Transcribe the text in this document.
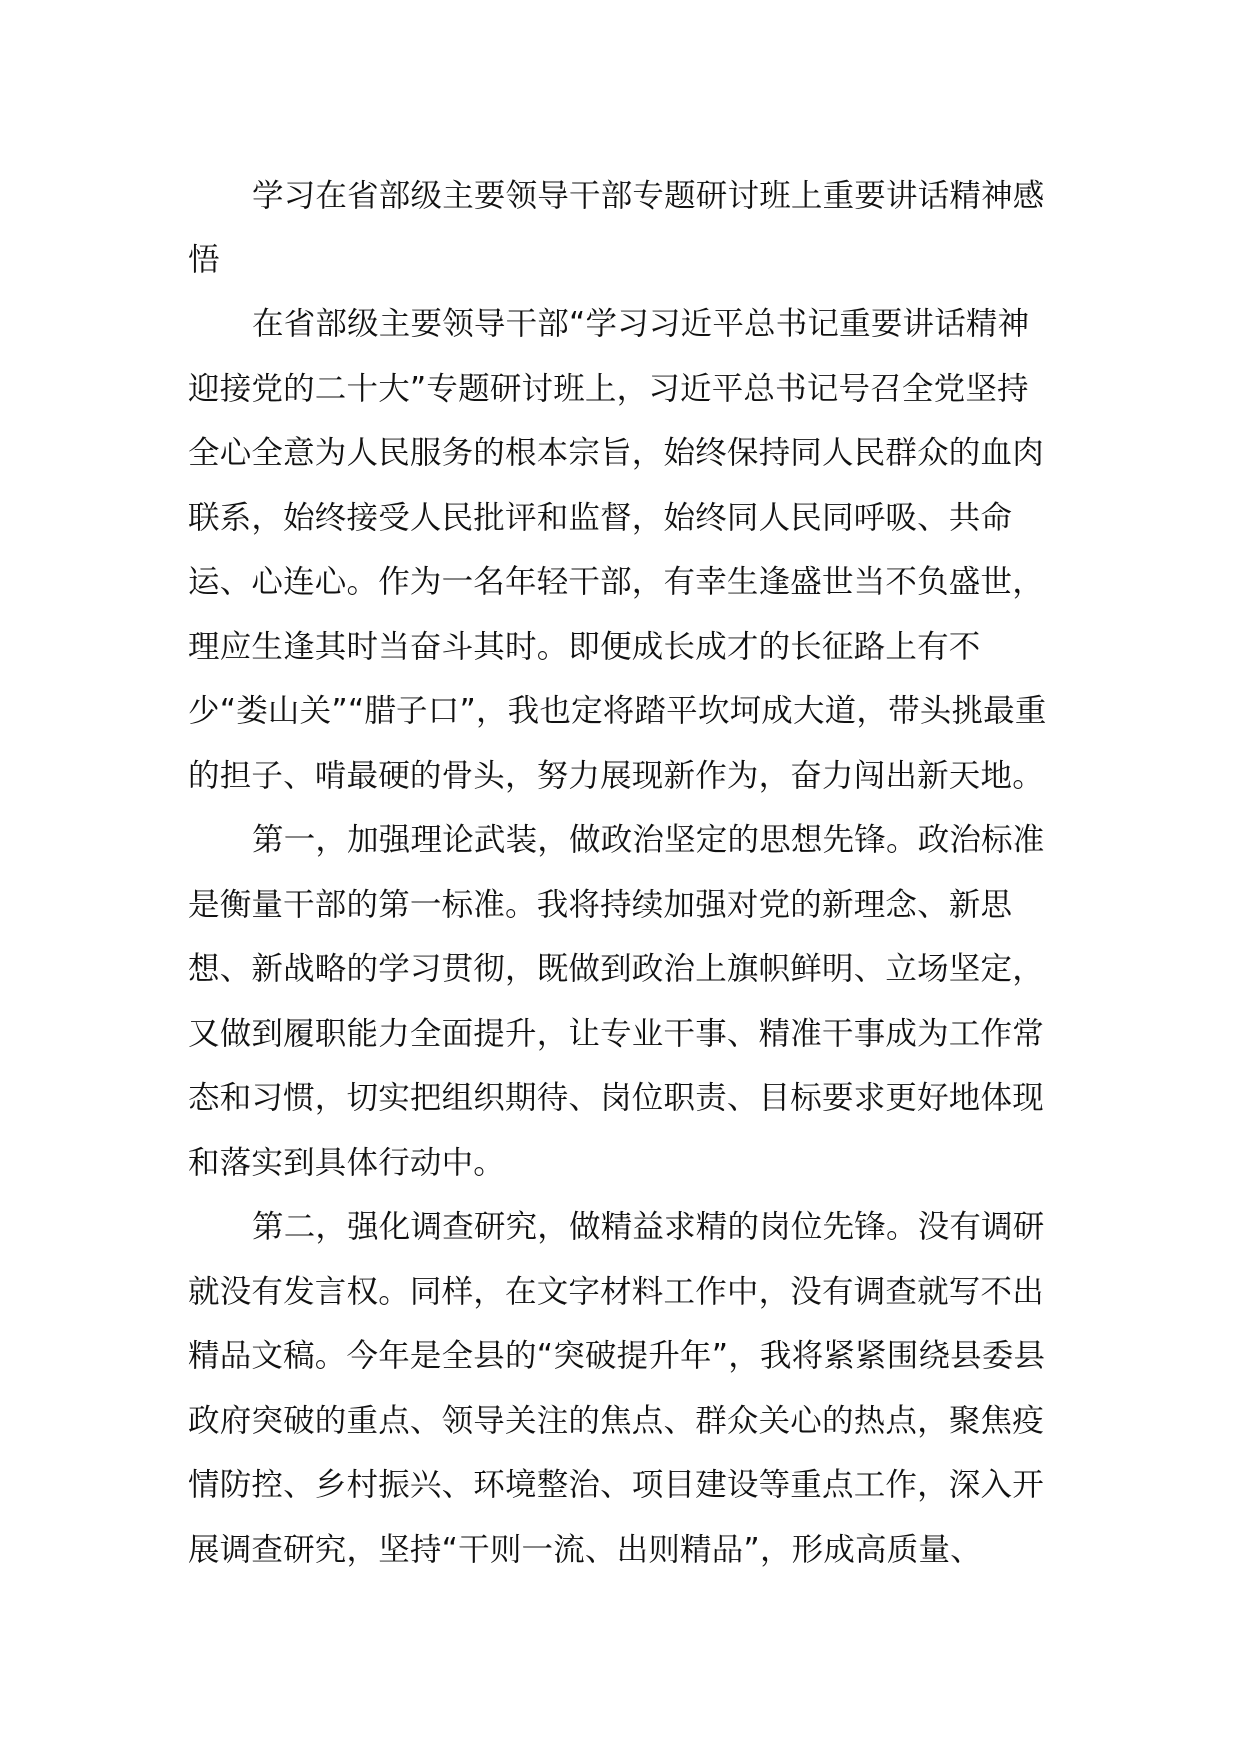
学习在省部级主要领导干部专题研讨班上重要讲话精神感悟

在省部级主要领导干部“学习习近平总书记重要讲话精神迎接党的二十大”专题研讨班上，习近平总书记号召全党坚持全心全意为人民服务的根本宗旨，始终保持同人民群众的血肉联系，始终接受人民批评和监督，始终同人民同呼吸、共命运、心连心。作为一名年轻干部，有幸生逢盛世当不负盛世，理应生逢其时当奋斗其时。即便成长成才的长征路上有不少“娄山关”“腊子口”，我也定将踏平坎坷成大道，带头挑最重的担子、啃最硬的骨头，努力展现新作为，奋力闯出新天地。

第一，加强理论武装，做政治坚定的思想先锋。政治标准是衡量干部的第一标准。我将持续加强对党的新理念、新思想、新战略的学习贯彻，既做到政治上旗帜鲜明、立场坚定，又做到履职能力全面提升，让专业干事、精准干事成为工作常态和习惯，切实把组织期待、岗位职责、目标要求更好地体现和落实到具体行动中。

第二，强化调查研究，做精益求精的岗位先锋。没有调研就没有发言权。同样，在文字材料工作中，没有调查就写不出精品文稿。今年是全县的“突破提升年”，我将紧紧围绕县委县政府突破的重点、领导关注的焦点、群众关心的热点，聚焦疫情防控、乡村振兴、环境整治、项目建设等重点工作，深入开展调查研究，坚持“干则一流、出则精品”，形成高质量、
